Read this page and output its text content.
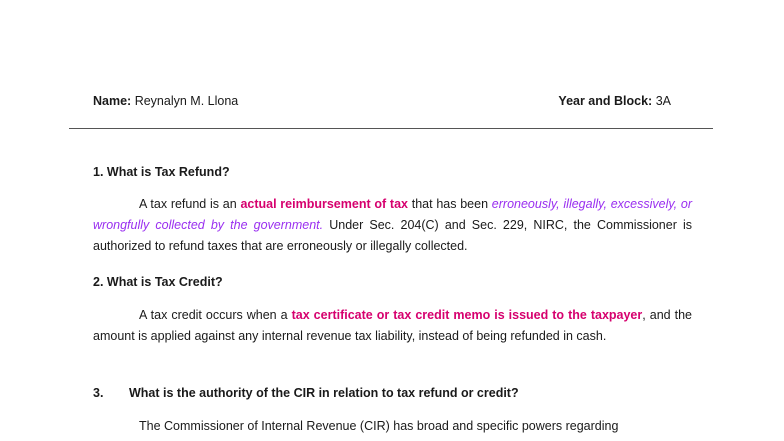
Name: Reynalyn M. Llona	Year and Block: 3A
1. What is Tax Refund?

A tax refund is an actual reimbursement of tax that has been erroneously, illegally, excessively, or wrongfully collected by the government. Under Sec. 204(C) and Sec. 229, NIRC, the Commissioner is authorized to refund taxes that are erroneously or illegally collected.

2. What is Tax Credit?

A tax credit occurs when a tax certificate or tax credit memo is issued to the taxpayer, and the amount is applied against any internal revenue tax liability, instead of being refunded in cash.

3.	What is the authority of the CIR in relation to tax refund or credit?

The Commissioner of Internal Revenue (CIR) has broad and specific powers regarding
